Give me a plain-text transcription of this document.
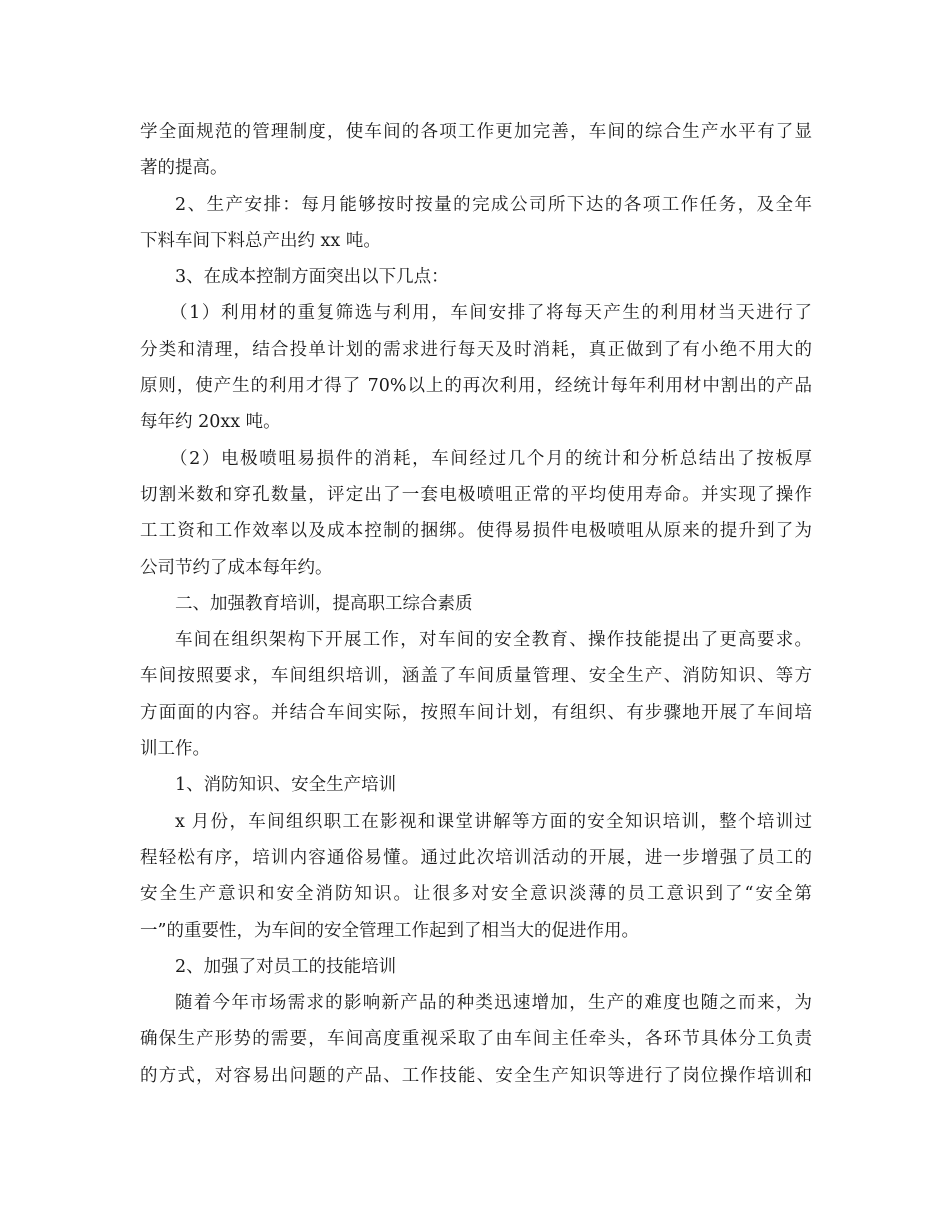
学全面规范的管理制度，使车间的各项工作更加完善，车间的综合生产水平有了显
著的提高。
2、生产安排：每月能够按时按量的完成公司所下达的各项工作任务，及全年
下料车间下料总产出约 xx 吨。
3、在成本控制方面突出以下几点：
（1）利用材的重复筛选与利用，车间安排了将每天产生的利用材当天进行了
分类和清理，结合投单计划的需求进行每天及时消耗，真正做到了有小绝不用大的
原则，使产生的利用才得了 70%以上的再次利用，经统计每年利用材中割出的产品
每年约 20xx 吨。
（2）电极喷咀易损件的消耗，车间经过几个月的统计和分析总结出了按板厚
切割米数和穿孔数量，评定出了一套电极喷咀正常的平均使用寿命。并实现了操作
工工资和工作效率以及成本控制的捆绑。使得易损件电极喷咀从原来的提升到了为
公司节约了成本每年约。
二、加强教育培训，提高职工综合素质
车间在组织架构下开展工作，对车间的安全教育、操作技能提出了更高要求。
车间按照要求，车间组织培训，涵盖了车间质量管理、安全生产、消防知识、等方
方面面的内容。并结合车间实际，按照车间计划，有组织、有步骤地开展了车间培
训工作。
1、消防知识、安全生产培训
x 月份，车间组织职工在影视和课堂讲解等方面的安全知识培训，整个培训过
程轻松有序，培训内容通俗易懂。通过此次培训活动的开展，进一步增强了员工的
安全生产意识和安全消防知识。让很多对安全意识淡薄的员工意识到了“安全第
一”的重要性，为车间的安全管理工作起到了相当大的促进作用。
2、加强了对员工的技能培训
随着今年市场需求的影响新产品的种类迅速增加，生产的难度也随之而来，为
确保生产形势的需要，车间高度重视采取了由车间主任牵头，各环节具体分工负责
的方式，对容易出问题的产品、工作技能、安全生产知识等进行了岗位操作培训和
